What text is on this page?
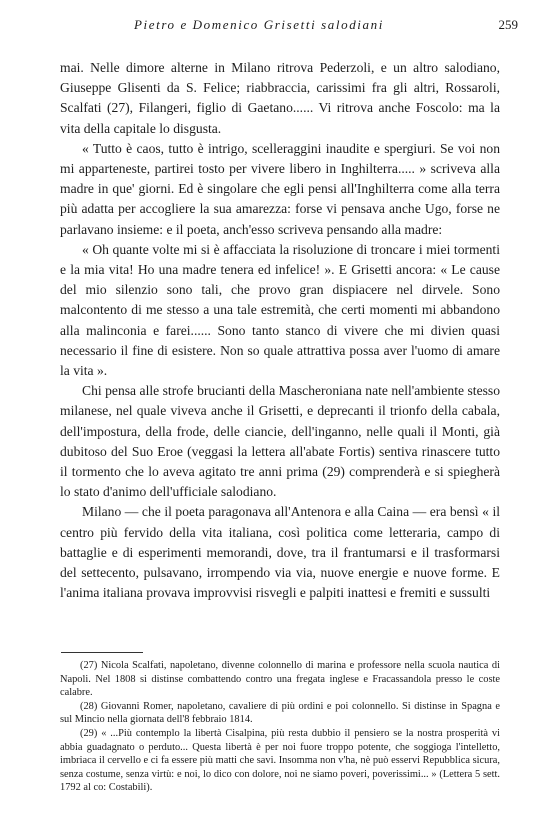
Pietro e Domenico Grisetti salodiani	259

mai. Nelle dimore alterne in Milano ritrova Pederzoli, e un altro salodiano, Giuseppe Glisenti da S. Felice; riabbraccia, carissimi fra gli altri, Rossaroli, Scalfati (27), Filangeri, figlio di Gaetano...... Vi ritrova anche Foscolo: ma la vita della capitale lo disgusta.

« Tutto è caos, tutto è intrigo, scelleraggini inaudite e spergiuri. Se voi non mi apparteneste, partirei tosto per vivere libero in Inghilterra..... » scriveva alla madre in que' giorni. Ed è singolare che egli pensi all'Inghilterra come alla terra più adatta per accogliere la sua amarezza: forse vi pensava anche Ugo, forse ne parlavano insieme: e il poeta, anch'esso scriveva pensando alla madre:

« Oh quante volte mi si è affacciata la risoluzione di troncare i miei tormenti e la mia vita! Ho una madre tenera ed infelice! ». E Grisetti ancora: « Le cause del mio silenzio sono tali, che provo gran dispiacere nel dirvele. Sono malcontento di me stesso a una tale estremità, che certi momenti mi abbandono alla malinconia e farei...... Sono tanto stanco di vivere che mi divien quasi necessario il fine di esistere. Non so quale attrattiva possa aver l'uomo di amare la vita ».

Chi pensa alle strofe brucianti della Mascheroniana nate nell'ambiente stesso milanese, nel quale viveva anche il Grisetti, e deprecanti il trionfo della cabala, dell'impostura, della frode, delle ciancie, dell'inganno, nelle quali il Monti, già dubitoso del Suo Eroe (veggasi la lettera all'abate Fortis) sentiva rinascere tutto il tormento che lo aveva agitato tre anni prima (29) comprenderà e si spiegherà lo stato d'animo dell'ufficiale salodiano.

Milano — che il poeta paragonava all'Antenora e alla Caina — era bensì « il centro più fervido della vita italiana, così politica come letteraria, campo di battaglie e di esperimenti memorandi, dove, tra il frantumarsi e il trasformarsi del settecento, pulsavano, irrompendo via via, nuove energie e nuove forme. E l'anima italiana provava improvvisi risvegli e palpiti inattesi e fremiti e sussulti

(27) Nicola Scalfati, napoletano, divenne colonnello di marina e professore nella scuola nautica di Napoli. Nel 1808 si distinse combattendo contro una fregata inglese e Fracassandola presso le coste calabre.

(28) Giovanni Romer, napoletano, cavaliere di più ordini e poi colonnello. Si distinse in Spagna e sul Mincio nella giornata dell'8 febbraio 1814.

(29) « ...Più contemplo la libertà Cisalpina, più resta dubbio il pensiero se la nostra prosperità vi abbia guadagnato o perduto... Questa libertà è per noi fuore troppo potente, che soggioga l'intelletto, imbriaca il cervello e ci fa essere più matti che savi. Insomma non v'ha, nè può esservi Repubblica sicura, senza costume, senza virtù: e noi, lo dico con dolore, noi ne siamo poveri, poverissimi... » (Lettera 5 sett. 1792 al co: Costabili).
